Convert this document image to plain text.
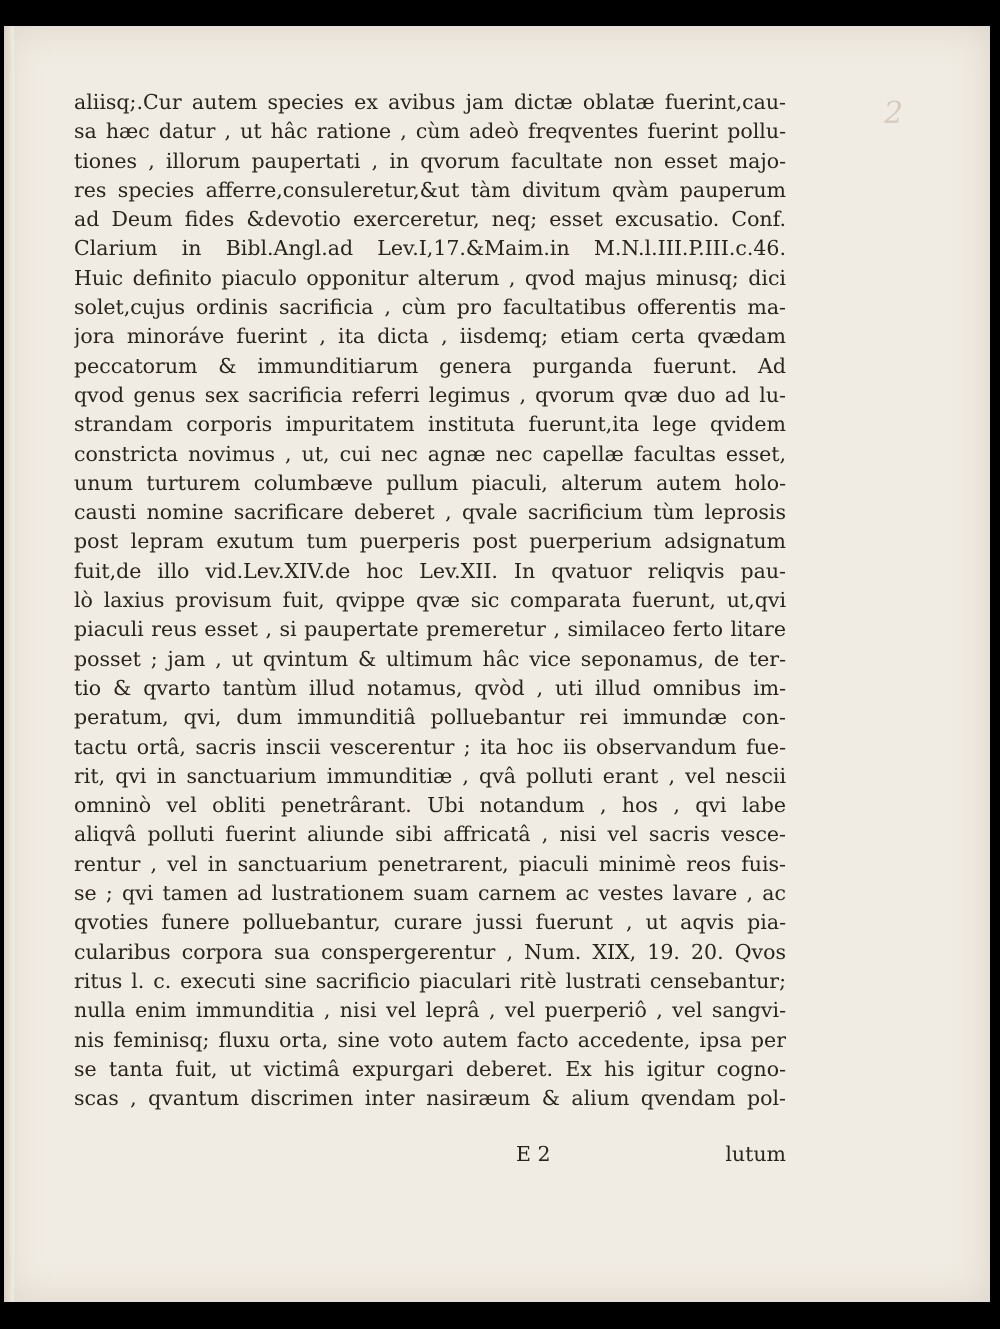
2
aliisq;.Cur autem species ex avibus jam dictæ oblatæ fuerint,cau-
sa hæc datur , ut hâc ratione , cùm adeò freqventes fuerint pollu-
tiones , illorum paupertati , in qvorum facultate non esset majo-
res species afferre,consuleretur,&ut tàm divitum qvàm pauperum
ad Deum fides &devotio exerceretur, neq; esset excusatio. Conf.
Clarium in Bibl.Angl.ad Lev.I,17.&Maim.in M.N.l.III.P.III.c.46.
Huic definito piaculo opponitur alterum , qvod majus minusq; dici
solet,cujus ordinis sacrificia , cùm pro facultatibus offerentis ma-
jora minoráve fuerint , ita dicta , iisdemq; etiam certa qvædam
peccatorum & immunditiarum genera purganda fuerunt. Ad
qvod genus sex sacrificia referri legimus , qvorum qvæ duo ad lu-
strandam corporis impuritatem instituta fuerunt,ita lege qvidem
constricta novimus , ut, cui nec agnæ nec capellæ facultas esset,
unum turturem columbæve pullum piaculi, alterum autem holo-
causti nomine sacrificare deberet , qvale sacrificium tùm leprosis
post lepram exutum tum puerperis post puerperium adsignatum
fuit,de illo vid.Lev.XIV.de hoc Lev.XII. In qvatuor reliqvis pau-
lò laxius provisum fuit, qvippe qvæ sic comparata fuerunt, ut,qvi
piaculi reus esset , si paupertate premeretur , similaceo ferto litare
posset ; jam , ut qvintum & ultimum hâc vice seponamus, de ter-
tio & qvarto tantùm illud notamus, qvòd , uti illud omnibus im-
peratum, qvi, dum immunditiâ polluebantur rei immundæ con-
tactu ortâ, sacris inscii vescerentur ; ita hoc iis observandum fue-
rit, qvi in sanctuarium immunditiæ , qvâ polluti erant , vel nescii
omninò vel obliti penetrârant. Ubi notandum , hos , qvi labe
aliqvâ polluti fuerint aliunde sibi affricatâ , nisi vel sacris vesce-
rentur , vel in sanctuarium penetrarent, piaculi minimè reos fuis-
se ; qvi tamen ad lustrationem suam carnem ac vestes lavare , ac
qvoties funere polluebantur, curare jussi fuerunt , ut aqvis pia-
cularibus corpora sua conspergerentur , Num. XIX, 19. 20. Qvos
ritus l. c. executi sine sacrificio piaculari ritè lustrati censebantur;
nulla enim immunditia , nisi vel leprâ , vel puerperiô , vel sangvi-
nis feminisq; fluxu orta, sine voto autem facto accedente, ipsa per
se tanta fuit, ut victimâ expurgari deberet. Ex his igitur cogno-
scas , qvantum discrimen inter nasiræum & alium qvendam pol-
E 2	lutum
